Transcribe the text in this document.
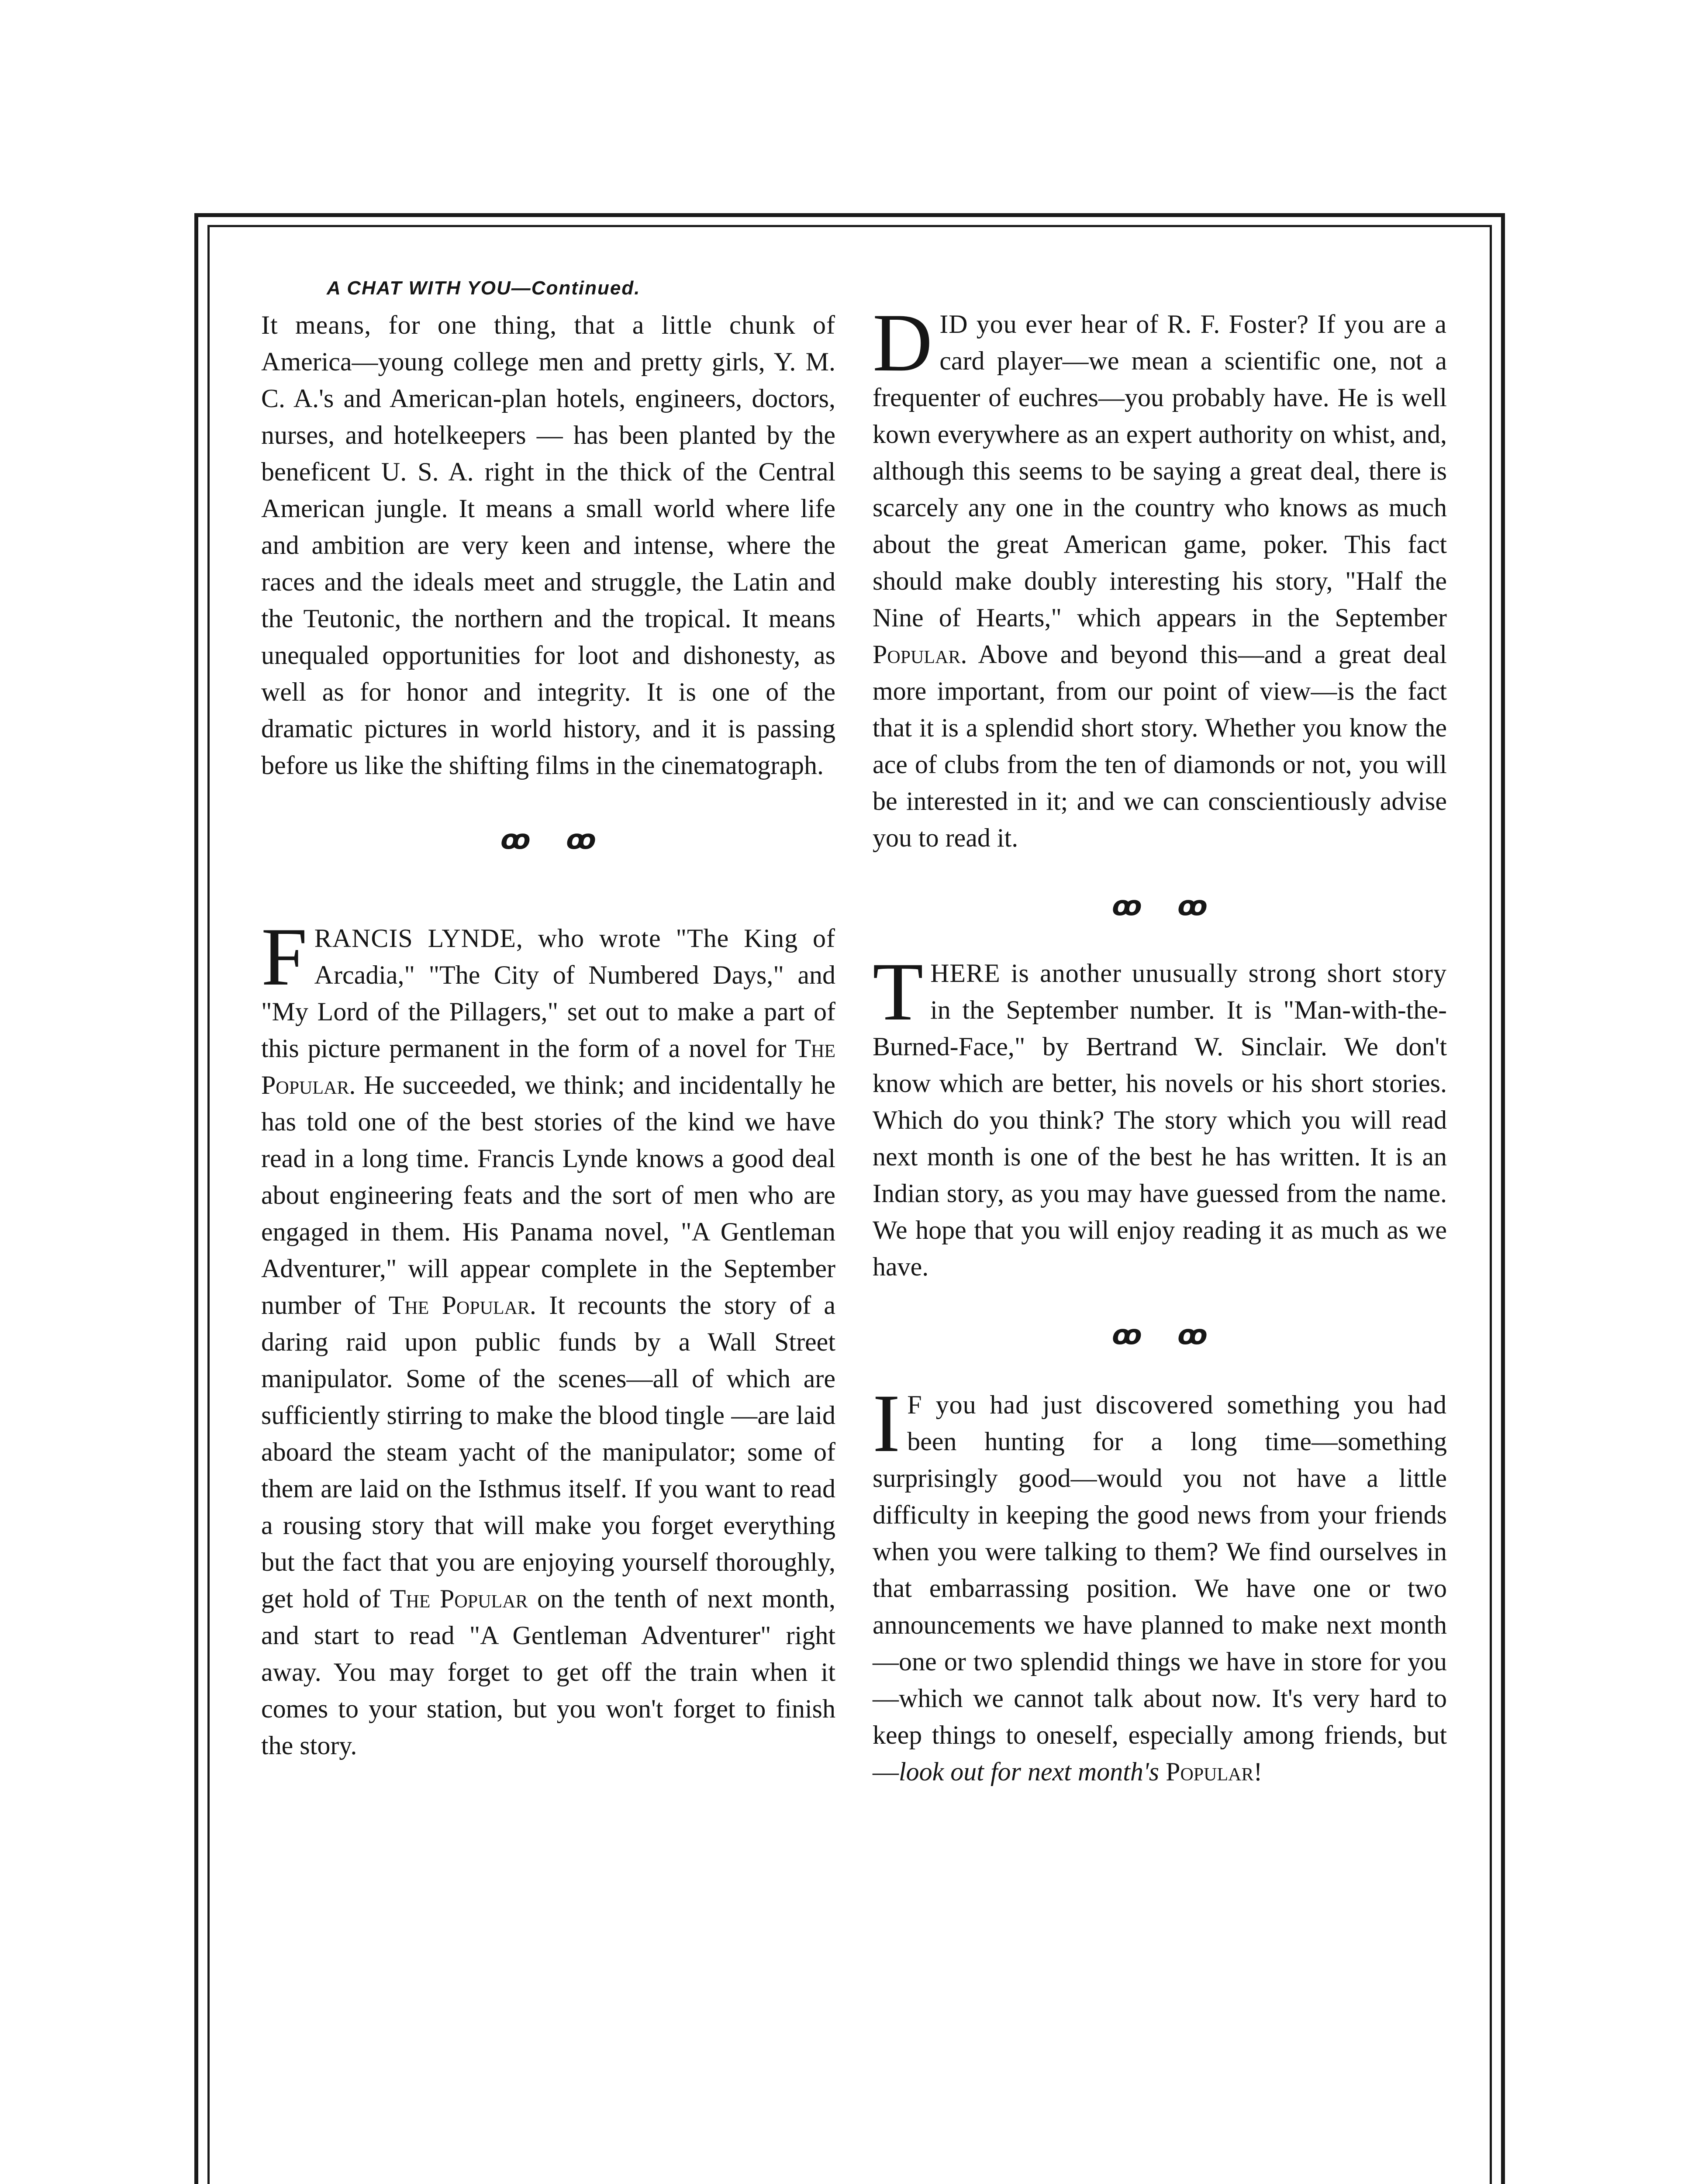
A CHAT WITH YOU—Continued.

It means, for one thing, that a little chunk of America—young college men and pretty girls, Y. M. C. A.'s and American-plan hotels, engineers, doctors, nurses, and hotelkeepers — has been planted by the beneficent U. S. A. right in the thick of the Central American jungle. It means a small world where life and ambition are very keen and intense, where the races and the ideals meet and struggle, the Latin and the Teutonic, the northern and the tropical. It means unequaled opportunities for loot and dishonesty, as well as for honor and integrity. It is one of the dramatic pictures in world history, and it is passing before us like the shifting films in the cinematograph.

ꝏ ꝏ

FRANCIS LYNDE, who wrote "The King of Arcadia," "The City of Numbered Days," and "My Lord of the Pillagers," set out to make a part of this picture permanent in the form of a novel for The Popular. He succeeded, we think; and incidentally he has told one of the best stories of the kind we have read in a long time. Francis Lynde knows a good deal about engineering feats and the sort of men who are engaged in them. His Panama novel, "A Gentleman Adventurer," will appear complete in the September number of The Popular. It recounts the story of a daring raid upon public funds by a Wall Street manipulator. Some of the scenes—all of which are sufficiently stirring to make the blood tingle —are laid aboard the steam yacht of the manipulator; some of them are laid on the Isthmus itself. If you want to read a rousing story that will make you forget everything but the fact that you are enjoying yourself thoroughly, get hold of The Popular on the tenth of next month, and start to read "A Gentleman Adventurer" right away. You may forget to get off the train when it comes to your station, but you won't forget to finish the story.

DID you ever hear of R. F. Foster? If you are a card player—we mean a scientific one, not a frequenter of euchres—you probably have. He is well kown everywhere as an expert authority on whist, and, although this seems to be saying a great deal, there is scarcely any one in the country who knows as much about the great American game, poker. This fact should make doubly interesting his story, "Half the Nine of Hearts," which appears in the September Popular. Above and beyond this—and a great deal more important, from our point of view—is the fact that it is a splendid short story. Whether you know the ace of clubs from the ten of diamonds or not, you will be interested in it; and we can conscientiously advise you to read it.

ꝏ ꝏ

THERE is another unusually strong short story in the September number. It is "Man-with-the-Burned-Face," by Bertrand W. Sinclair. We don't know which are better, his novels or his short stories. Which do you think? The story which you will read next month is one of the best he has written. It is an Indian story, as you may have guessed from the name. We hope that you will enjoy reading it as much as we have.

ꝏ ꝏ

I F you had just discovered something you had been hunting for a long time—something surprisingly good—would you not have a little difficulty in keeping the good news from your friends when you were talking to them? We find ourselves in that embarrassing position. We have one or two announcements we have planned to make next month—one or two splendid things we have in store for you—which we cannot talk about now. It's very hard to keep things to oneself, especially among friends, but—look out for next month's Popular!
